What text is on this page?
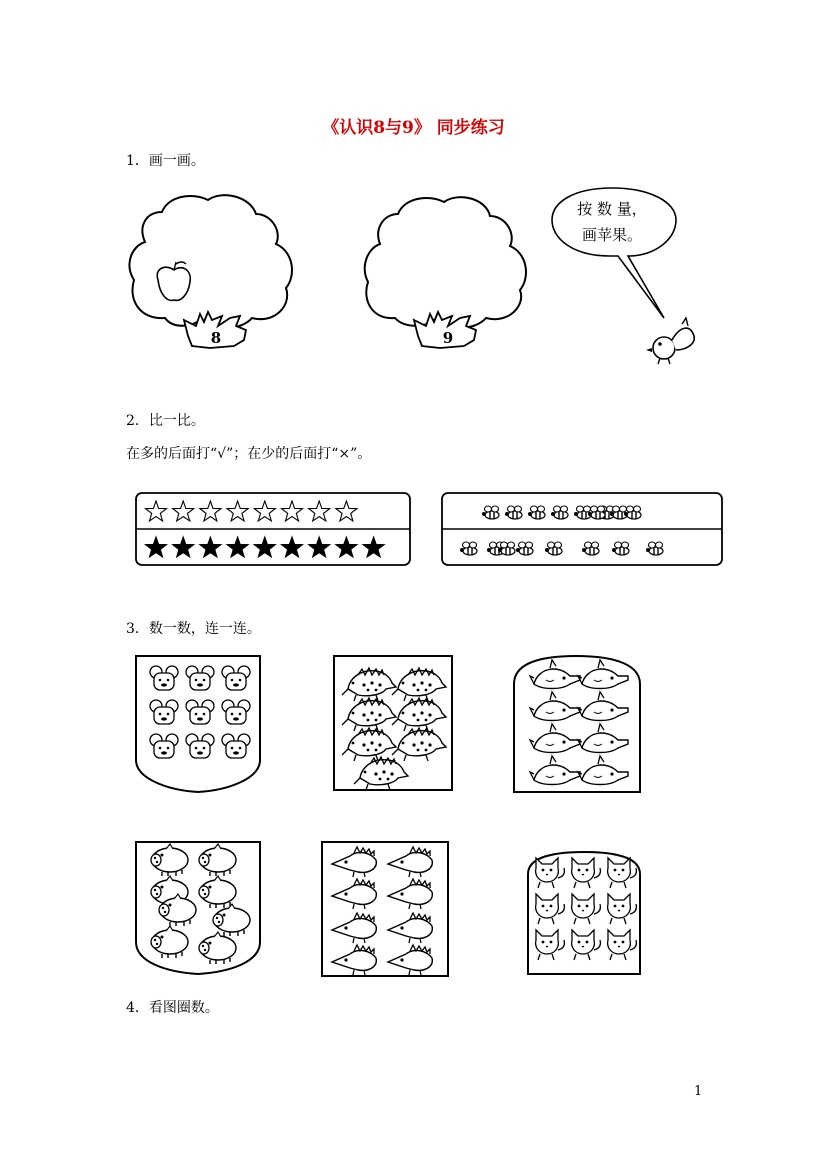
《认识8与9》 同步练习
1．画一画。
2．比一比。
在多的后面打“√”；在少的后面打“×”。
3．数一数，连一连。
4．看图圈数。
1
8	9
按 数 量，
画苹果。
